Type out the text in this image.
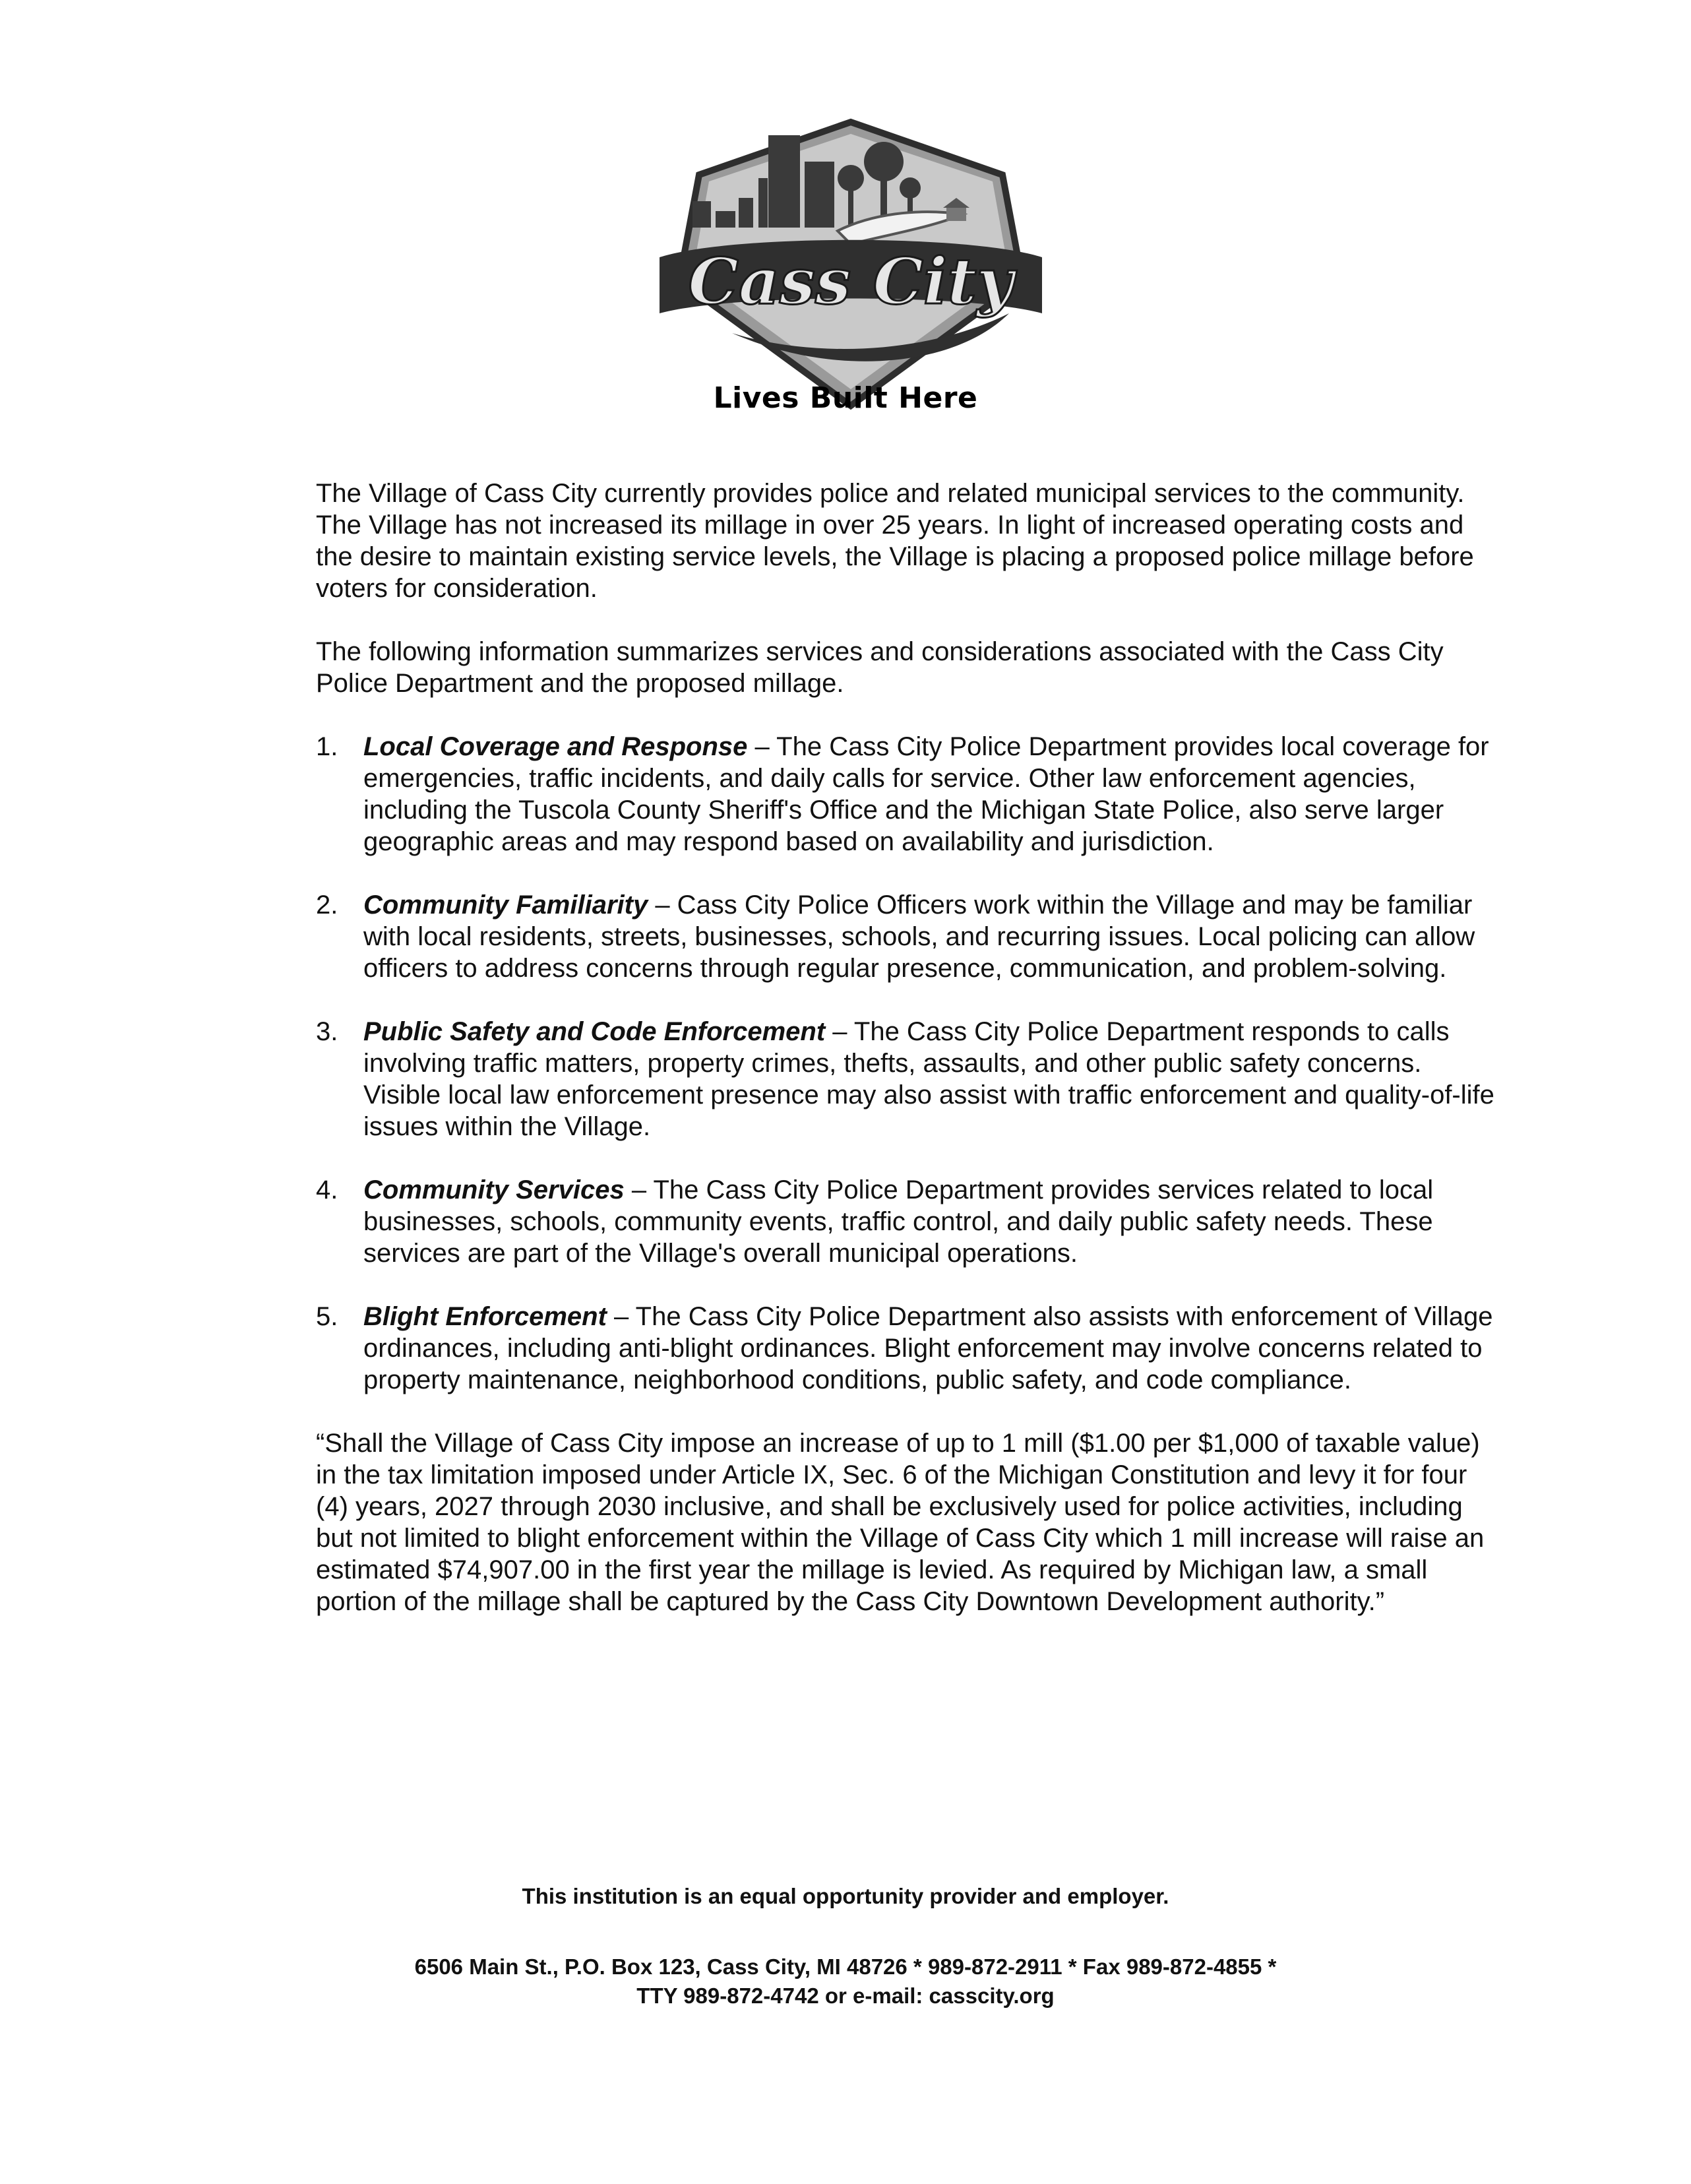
Cass City
Lives Built Here

The Village of Cass City currently provides police and related municipal services to the community. The Village has not increased its millage in over 25 years. In light of increased operating costs and the desire to maintain existing service levels, the Village is placing a proposed police millage before voters for consideration.

The following information summarizes services and considerations associated with the Cass City Police Department and the proposed millage.

1. Local Coverage and Response – The Cass City Police Department provides local coverage for emergencies, traffic incidents, and daily calls for service. Other law enforcement agencies, including the Tuscola County Sheriff's Office and the Michigan State Police, also serve larger geographic areas and may respond based on availability and jurisdiction.
2. Community Familiarity – Cass City Police Officers work within the Village and may be familiar with local residents, streets, businesses, schools, and recurring issues. Local policing can allow officers to address concerns through regular presence, communication, and problem-solving.
3. Public Safety and Code Enforcement – The Cass City Police Department responds to calls involving traffic matters, property crimes, thefts, assaults, and other public safety concerns. Visible local law enforcement presence may also assist with traffic enforcement and quality-of-life issues within the Village.
4. Community Services – The Cass City Police Department provides services related to local businesses, schools, community events, traffic control, and daily public safety needs. These services are part of the Village's overall municipal operations.
5. Blight Enforcement – The Cass City Police Department also assists with enforcement of Village ordinances, including anti-blight ordinances. Blight enforcement may involve concerns related to property maintenance, neighborhood conditions, public safety, and code compliance.

“Shall the Village of Cass City impose an increase of up to 1 mill ($1.00 per $1,000 of taxable value) in the tax limitation imposed under Article IX, Sec. 6 of the Michigan Constitution and levy it for four (4) years, 2027 through 2030 inclusive, and shall be exclusively used for police activities, including but not limited to blight enforcement within the Village of Cass City which 1 mill increase will raise an estimated $74,907.00 in the first year the millage is levied. As required by Michigan law, a small portion of the millage shall be captured by the Cass City Downtown Development authority.”

This institution is an equal opportunity provider and employer.
6506 Main St., P.O. Box 123, Cass City, MI 48726 * 989-872-2911 * Fax 989-872-4855 *
TTY 989-872-4742 or e-mail: casscity.org
